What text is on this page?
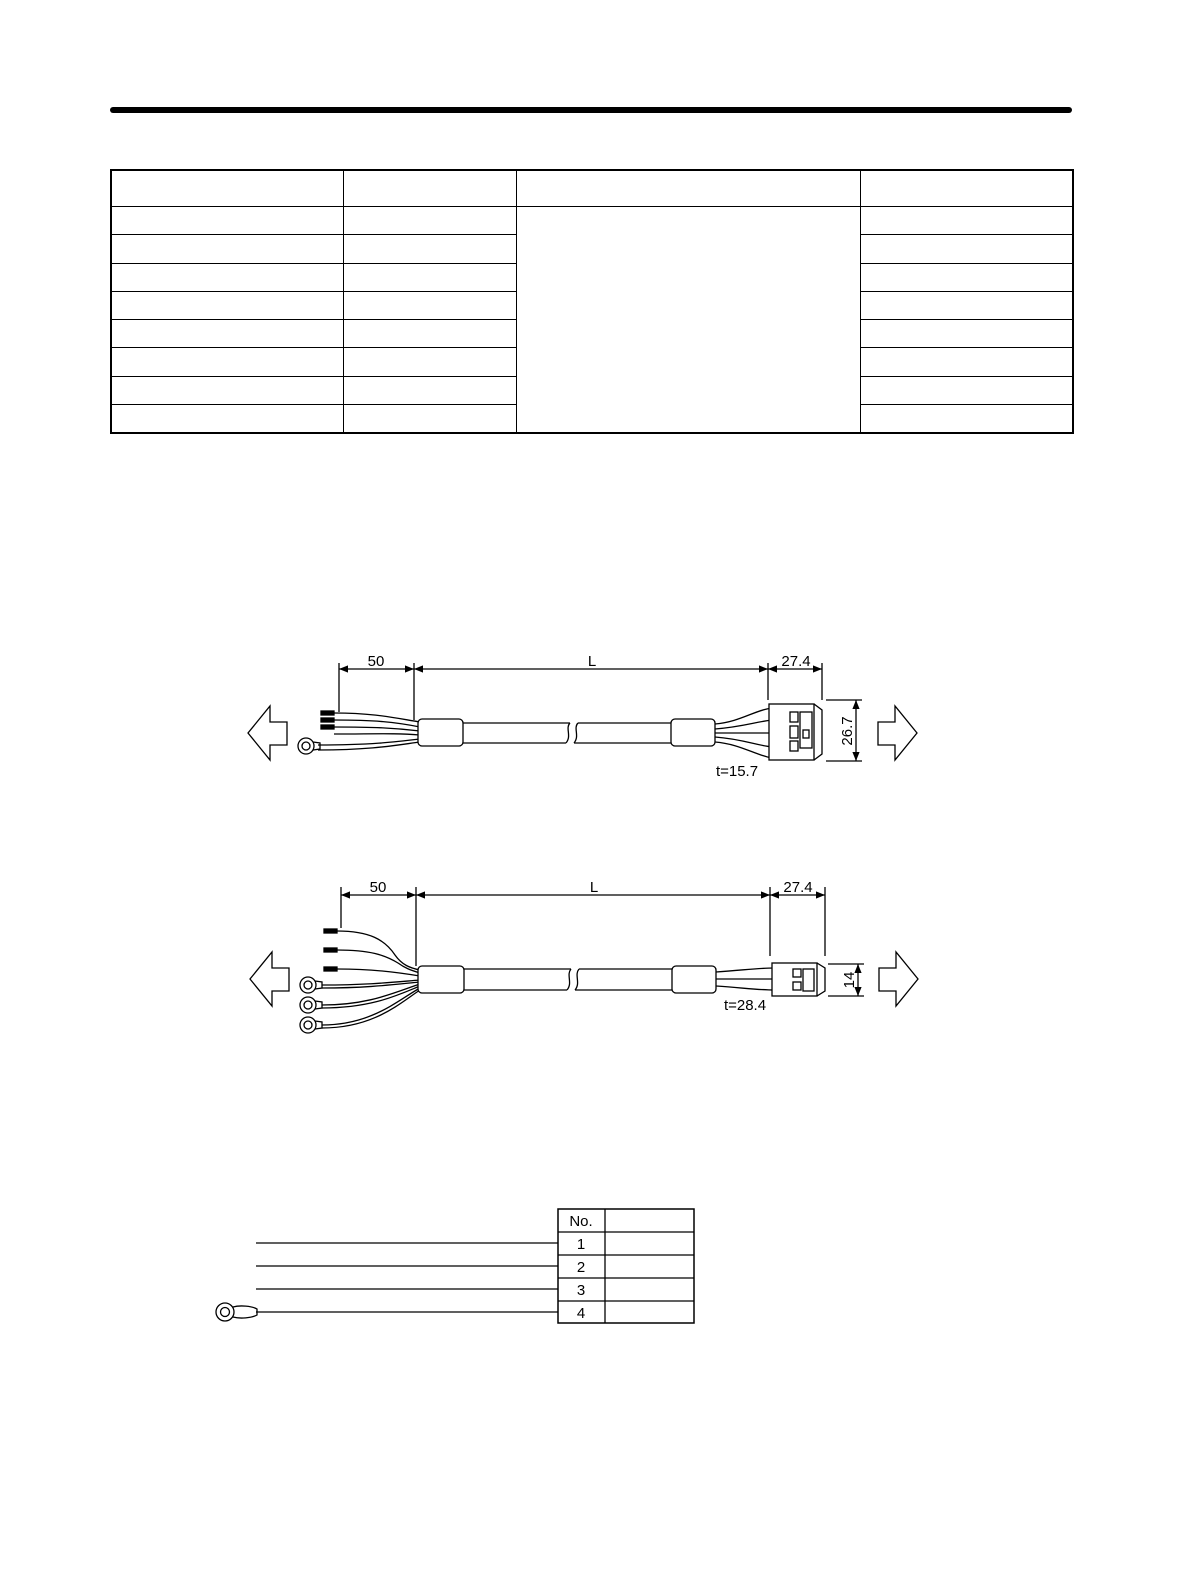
50	L	27.4
26.7
t=15.7
50	L	27.4
14
t=28.4
No.
1
2
3
4
